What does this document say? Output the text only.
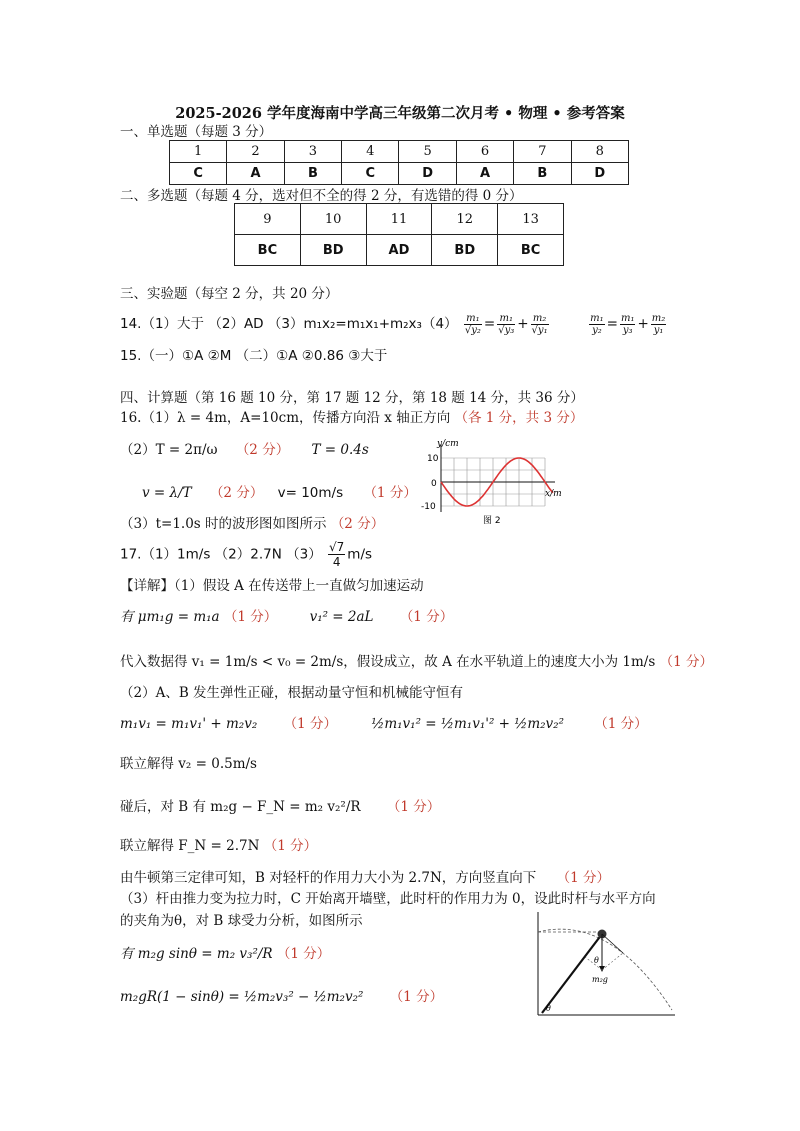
2025-2026 学年度海南中学高三年级第二次月考 • 物理 • 参考答案
一、单选题（每题 3 分）
1	2	3	4	5	6	7	8
C	A	B	C	D	A	B	D
二、多选题（每题 4 分，选对但不全的得 2 分，有选错的得 0 分）
9	10	11	12	13
BC	BD	AD	BD	BC
三、实验题（每空 2 分，共 20 分）
14.（1）大于 （2）AD $(3)m_1x_2=m_1x_1+m_2x_3(4) \frac{\text{m₁}}{\text{√y₂}} = \frac{\text{m₁}}{\text{√y₃}} + \frac{\text{m₂}}{\text{√y₁}}$
	$\frac{\text{m₁}}{\text{y₂}} = \frac{\text{m₁}}{\text{y₃}} + \frac{\text{m₂}}{\text{y₁}}$
15.（一）①A ②M （二）①A ②0.86 ③大于
四、计算题（第 16 题 10 分，第 17 题 12 分，第 18 题 14 分，共 36 分）
16.（1）λ = 4m，A=10cm，传播方向沿 x 轴正方向 （各 1 分，共 3 分）
（2）T = 2π/ω （2 分） T = 0.4s
v = λ/T （2 分） v= 10m/s （1 分）
（3）t=1.0s 时的波形图如图所示 （2 分）
y/cm
x/m
10
0
-10
图 2
17.（1）1m/s （2）2.7N $(3) \frac{√7}{4} m/s$
【详解】（1）假设 A 在传送带上一直做匀加速运动
有 μm₁g = m₁a （1 分） v₁² = 2aL （1 分）
代入数据得 v₁ = 1m/s < v₀ = 2m/s，假设成立，故 A 在水平轨道上的速度大小为 1m/s （1 分）
（2）A、B 发生弹性正碰，根据动量守恒和机械能守恒有
m₁v₁ = m₁v₁' + m₂v₂ （1 分）	½m₁v₁² = ½m₁v₁'² + ½m₂v₂² （1 分）
联立解得 v₂ = 0.5m/s
碰后，对 B 有 m₂g − F_N = m₂ v₂²/R （1 分）
联立解得 F_N = 2.7N （1 分）
由牛顿第三定律可知，B 对轻杆的作用力大小为 2.7N，方向竖直向下 （1 分）
（3）杆由推力变为拉力时，C 开始离开墙壁，此时杆的作用力为 0，设此时杆与水平方向
的夹角为θ，对 B 球受力分析，如图所示
有 m₂g sinθ = m₂ v₃²/R （1 分）
m₂gR(1 − sinθ) = ½m₂v₃² − ½m₂v₂² （1 分）
θ
m₂g
θ
